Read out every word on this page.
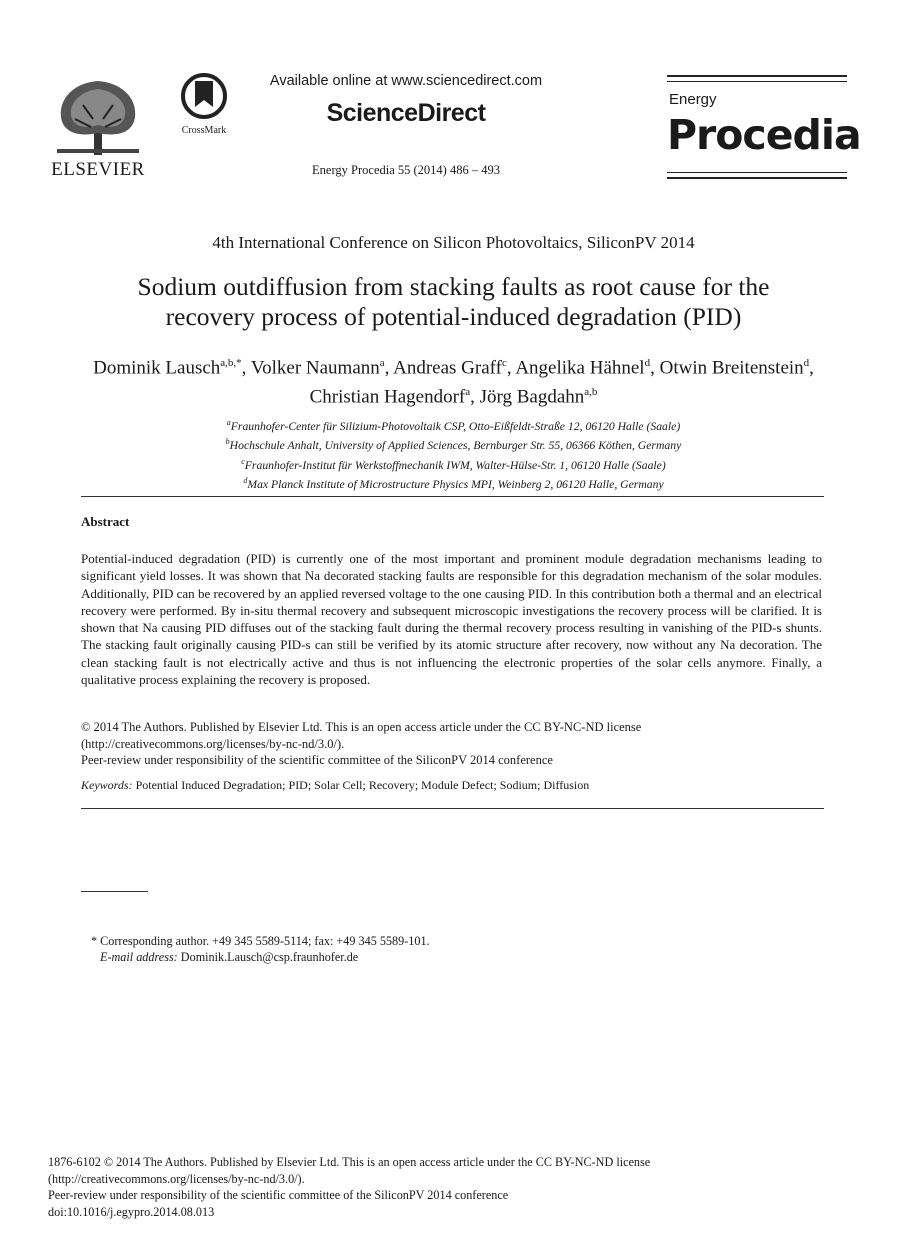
ELSEVIER
CrossMark
Available online at www.sciencedirect.com
ScienceDirect
Energy Procedia 55 (2014) 486 – 493
Energy
Procedia
4th International Conference on Silicon Photovoltaics, SiliconPV 2014
Sodium outdiffusion from stacking faults as root cause for the
recovery process of potential-induced degradation (PID)
Dominik Lausch$^{a,b,*}$, Volker Naumann$^a$, Andreas Graff$^c$, Angelika Hähnel$^d$, Otwin Breitenstein$^d$, Christian Hagendorf$^a$, Jörg Bagdahn$^{a,b}$
$^a$Fraunhofer-Center für Silizium-Photovoltaik CSP, Otto-Eißfeldt-Straße 12, 06120 Halle (Saale)
$^b$Hochschule Anhalt, University of Applied Sciences, Bernburger Str. 55, 06366 Köthen, Germany
$^c$Fraunhofer-Institut für Werkstoffmechanik IWM, Walter-Hülse-Str. 1, 06120 Halle (Saale)
$^d$Max Planck Institute of Microstructure Physics MPI, Weinberg 2, 06120 Halle, Germany
Abstract
Potential-induced degradation (PID) is currently one of the most important and prominent module degradation mechanisms leading to significant yield losses. It was shown that Na decorated stacking faults are responsible for this degradation mechanism of the solar modules. Additionally, PID can be recovered by an applied reversed voltage to the one causing PID. In this contribution both a thermal and an electrical recovery were performed. By in-situ thermal recovery and subsequent microscopic investigations the recovery process will be clarified. It is shown that Na causing PID diffuses out of the stacking fault during the thermal recovery process resulting in vanishing of the PID-s shunts. The stacking fault originally causing PID-s can still be verified by its atomic structure after recovery, now without any Na decoration. The clean stacking fault is not electrically active and thus is not influencing the electronic properties of the solar cells anymore. Finally, a qualitative process explaining the recovery is proposed.
© 2014 The Authors. Published by Elsevier Ltd. This is an open access article under the CC BY-NC-ND license
(http://creativecommons.org/licenses/by-nc-nd/3.0/).
Peer-review under responsibility of the scientific committee of the SiliconPV 2014 conference
Keywords: Potential Induced Degradation; PID; Solar Cell; Recovery; Module Defect; Sodium; Diffusion
* Corresponding author. +49 345 5589-5114; fax: +49 345 5589-101.
E-mail address: Dominik.Lausch@csp.fraunhofer.de
1876-6102 © 2014 The Authors. Published by Elsevier Ltd. This is an open access article under the CC BY-NC-ND license
(http://creativecommons.org/licenses/by-nc-nd/3.0/).
Peer-review under responsibility of the scientific committee of the SiliconPV 2014 conference
doi:10.1016/j.egypro.2014.08.013
